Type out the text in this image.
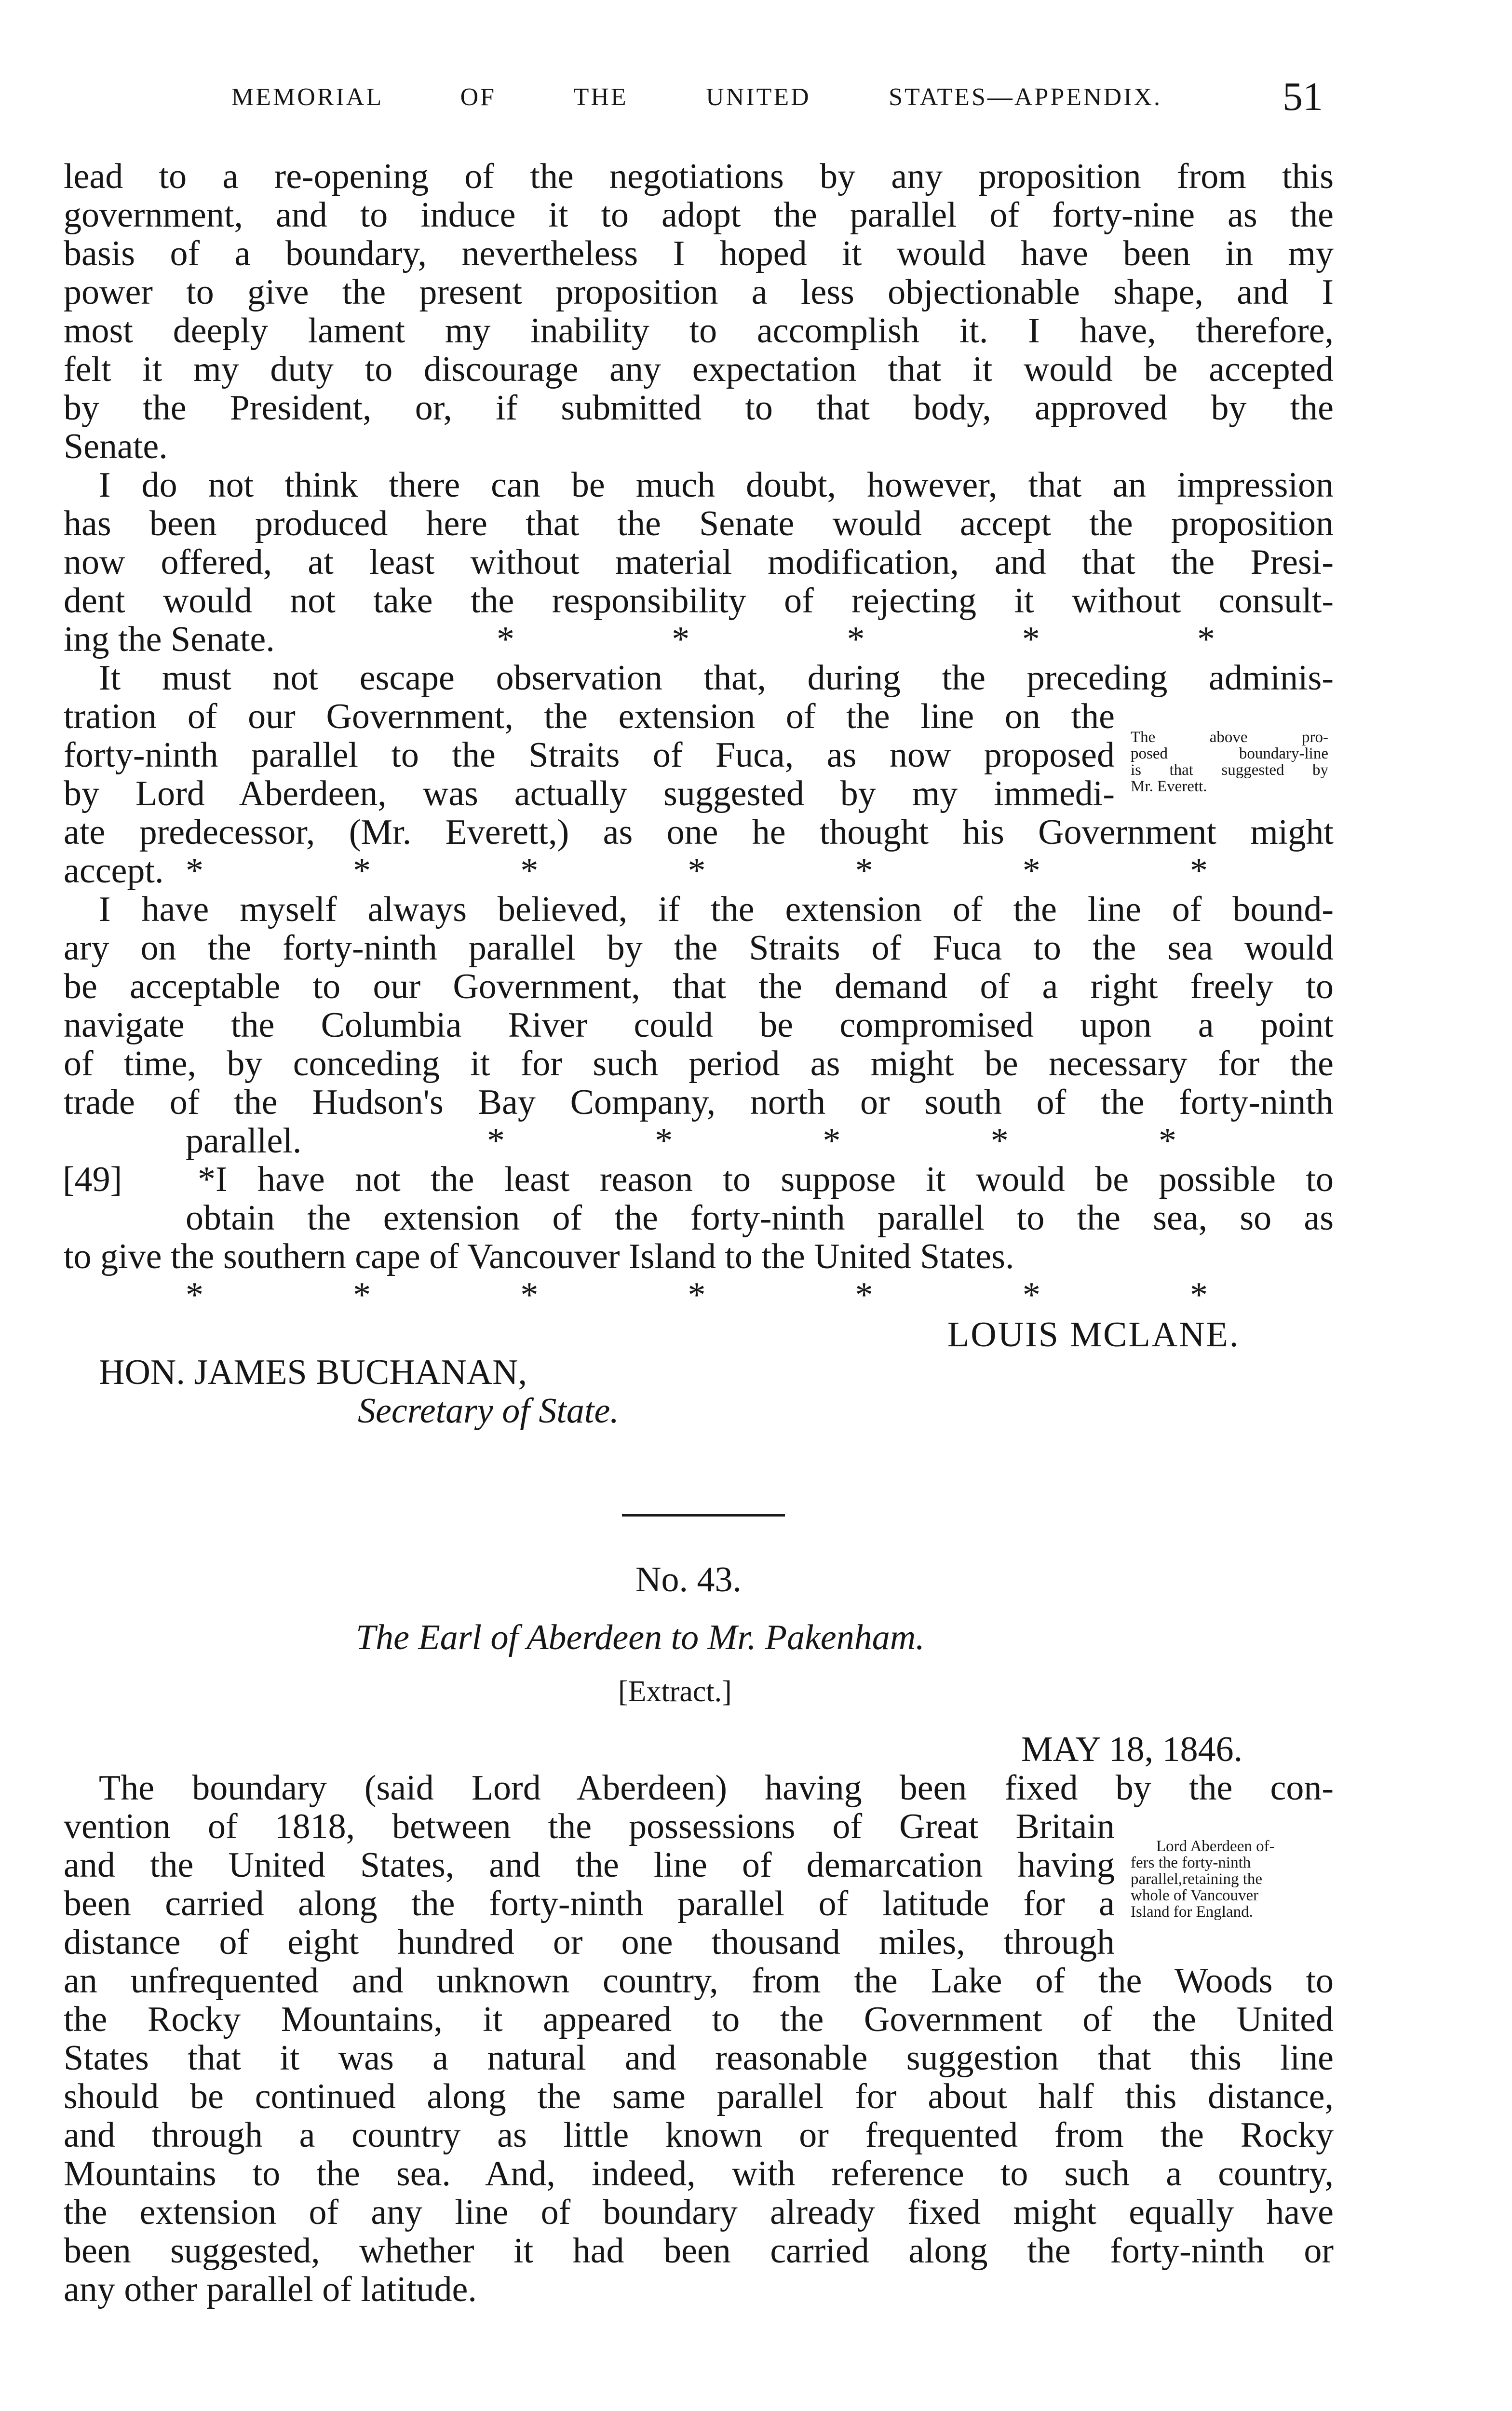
MEMORIAL OF THE UNITED STATES—APPENDIX.	51
lead to a re-opening of the negotiations by any proposition from this
government, and to induce it to adopt the parallel of forty-nine as the
basis of a boundary, nevertheless I hoped it would have been in my
power to give the present proposition a less objectionable shape, and I
most deeply lament my inability to accomplish it. I have, therefore,
felt it my duty to discourage any expectation that it would be accepted
by the President, or, if submitted to that body, approved by the
Senate.
I do not think there can be much doubt, however, that an impression
has been produced here that the Senate would accept the proposition
now offered, at least without material modification, and that the Presi-
dent would not take the responsibility of rejecting it without consult-
ing the Senate.	* * * * *
It must not escape observation that, during the preceding adminis-
tration of our Government, the extension of the line on the
forty-ninth parallel to the Straits of Fuca, as now proposed
by Lord Aberdeen, was actually suggested by my immedi-
ate predecessor, (Mr. Everett,) as one he thought his Government might
accept. * * * * * * *
The above pro-
posed boundary-line
is that suggested by
Mr. Everett.
I have myself always believed, if the extension of the line of bound-
ary on the forty-ninth parallel by the Straits of Fuca to the sea would
be acceptable to our Government, that the demand of a right freely to
navigate the Columbia River could be compromised upon a point
of time, by conceding it for such period as might be necessary for the
trade of the Hudson's Bay Company, north or south of the forty-ninth
parallel.	* * * * *
[49] *I have not the least reason to suppose it would be possible to
obtain the extension of the forty-ninth parallel to the sea, so as
to give the southern cape of Vancouver Island to the United States.
* * * * * * *
LOUIS MCLANE.
HON. JAMES BUCHANAN,
Secretary of State.
No. 43.
The Earl of Aberdeen to Mr. Pakenham.
[Extract.]
MAY 18, 1846.
The boundary (said Lord Aberdeen) having been fixed by the con-
vention of 1818, between the possessions of Great Britain
and the United States, and the line of demarcation having
been carried along the forty-ninth parallel of latitude for a
distance of eight hundred or one thousand miles, through
Lord Aberdeen of-
fers the forty-ninth
parallel,retaining the
whole of Vancouver
Island for England.
an unfrequented and unknown country, from the Lake of the Woods to
the Rocky Mountains, it appeared to the Government of the United
States that it was a natural and reasonable suggestion that this line
should be continued along the same parallel for about half this distance,
and through a country as little known or frequented from the Rocky
Mountains to the sea. And, indeed, with reference to such a country,
the extension of any line of boundary already fixed might equally have
been suggested, whether it had been carried along the forty-ninth or
any other parallel of latitude.
